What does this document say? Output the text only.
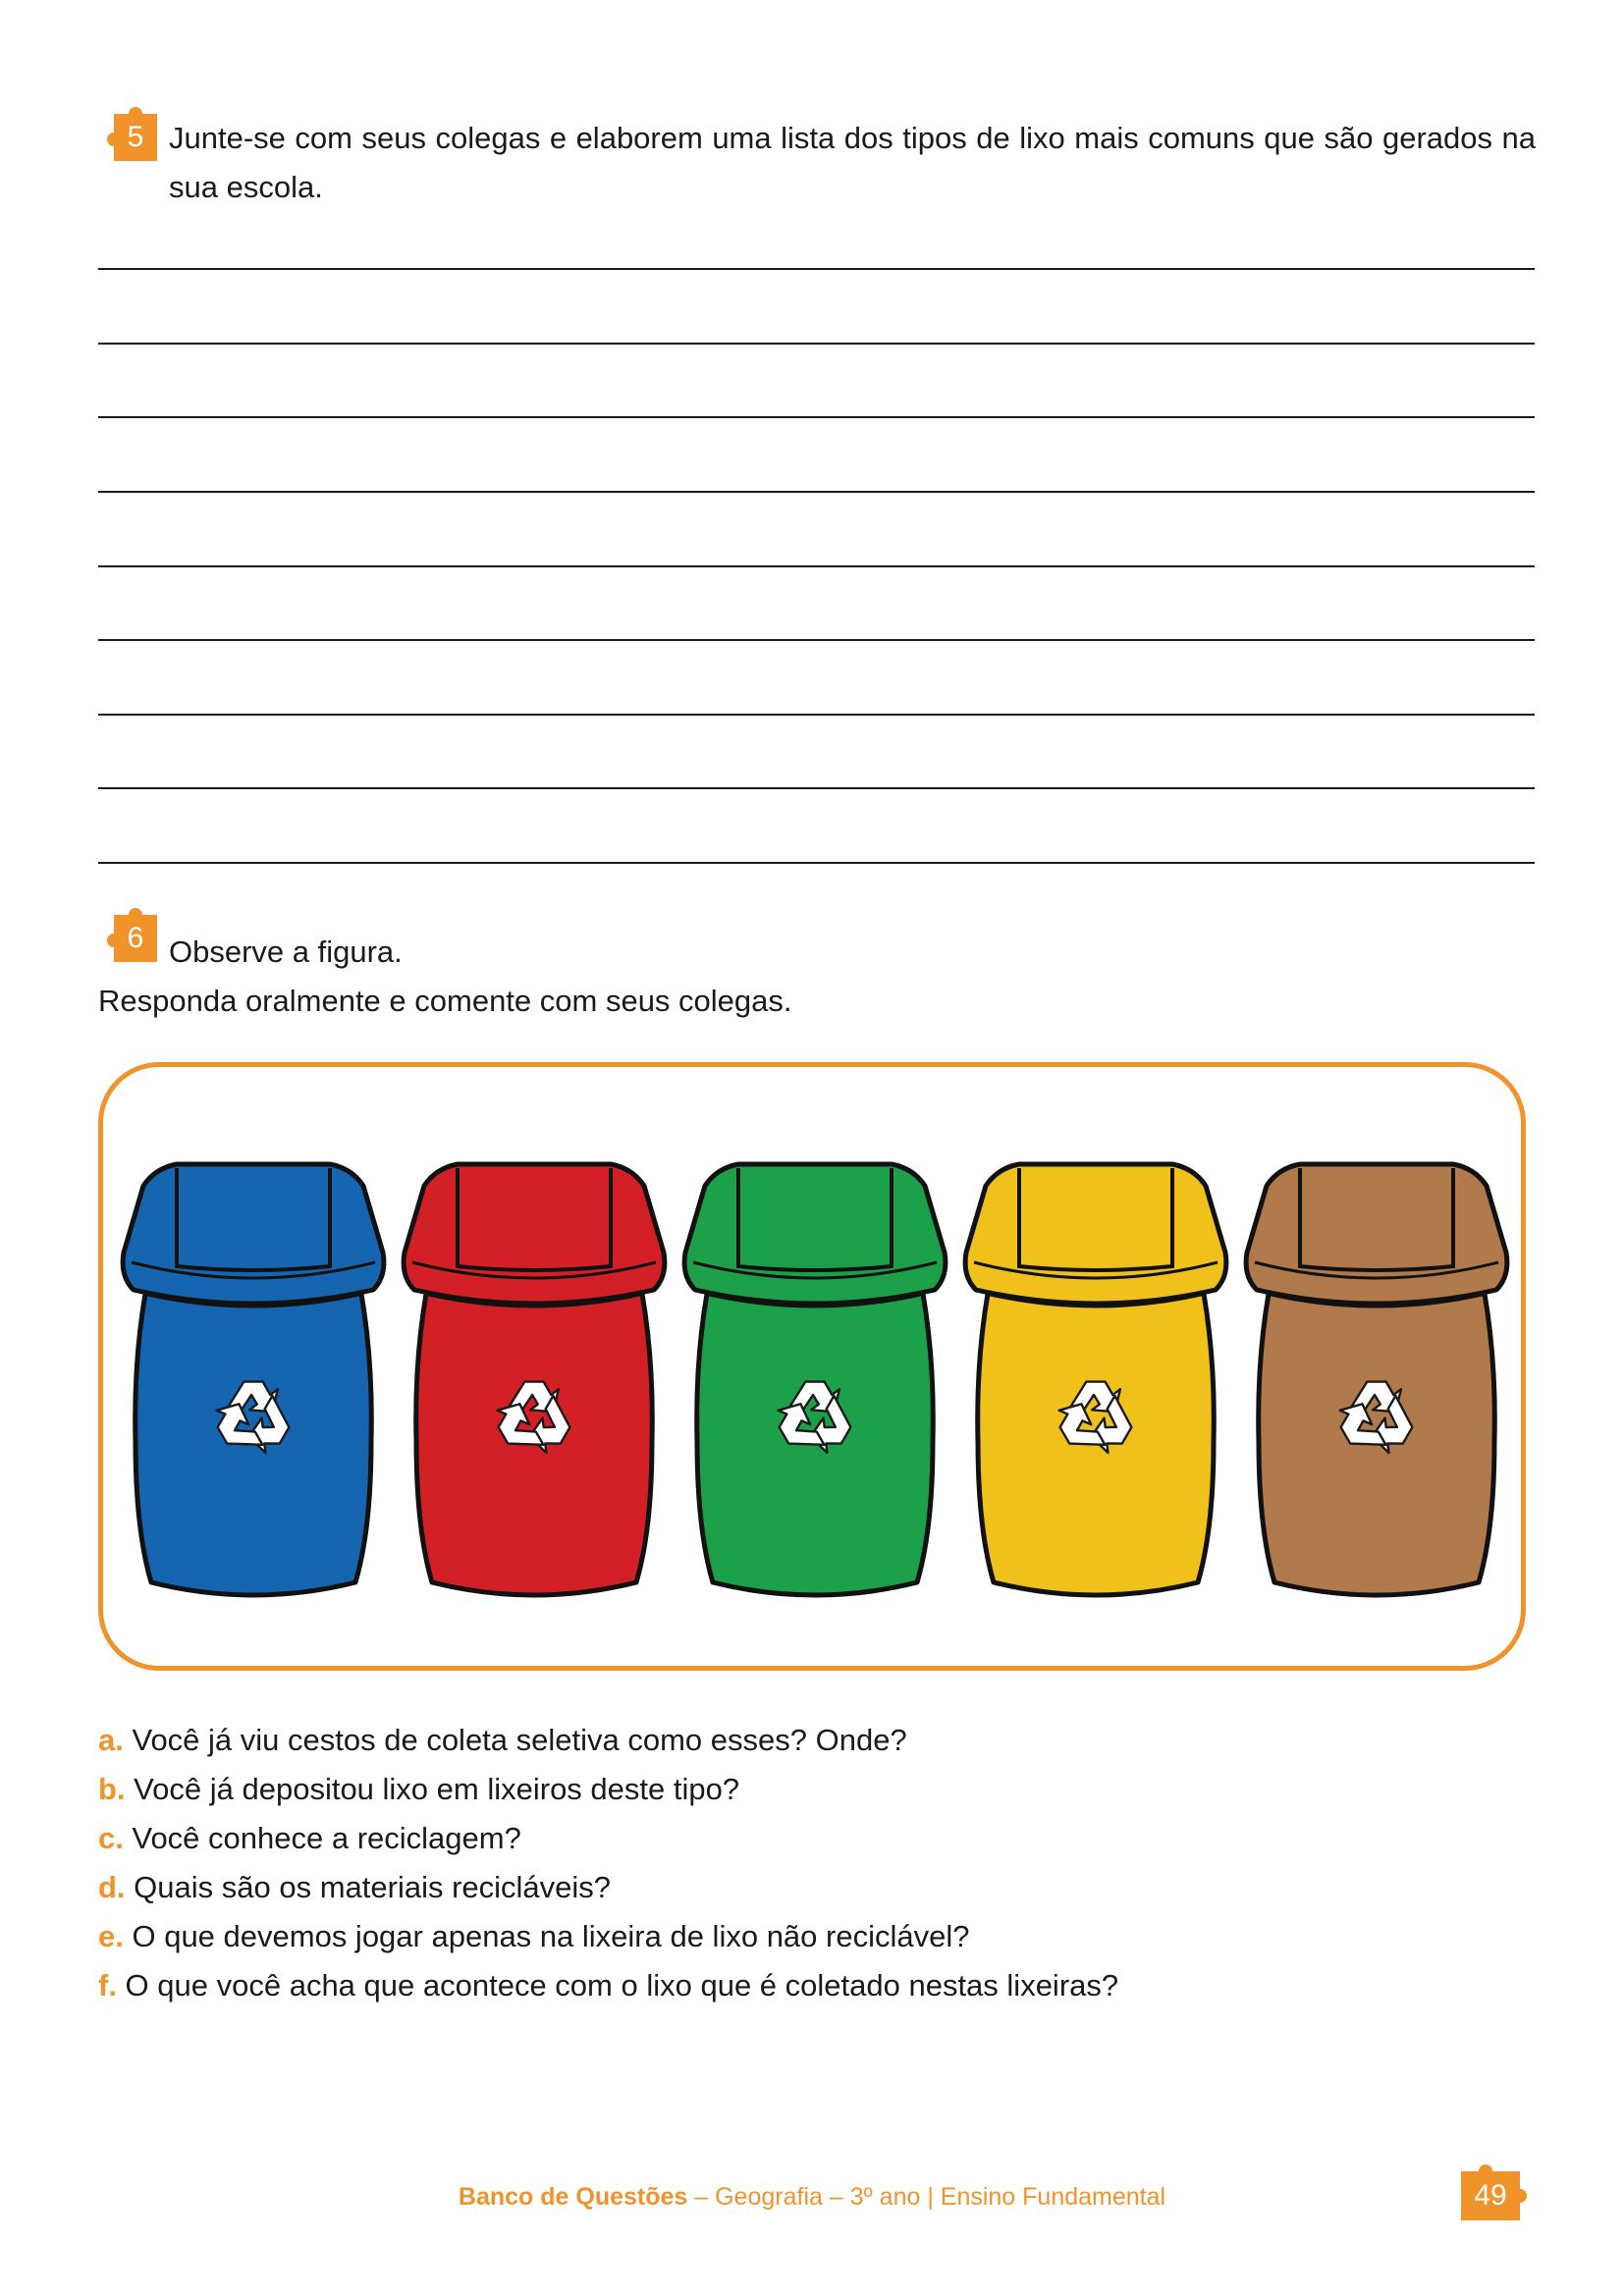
5 Junte-se com seus colegas e elaborem uma lista dos tipos de lixo mais comuns que são gerados na
sua escola.
6 Observe a figura.
Responda oralmente e comente com seus colegas.
a. Você já viu cestos de coleta seletiva como esses? Onde?
b. Você já depositou lixo em lixeiros deste tipo?
c. Você conhece a reciclagem?
d. Quais são os materiais recicláveis?
e. O que devemos jogar apenas na lixeira de lixo não reciclável?
f. O que você acha que acontece com o lixo que é coletado nestas lixeiras?
Banco de Questões – Geografia – 3º ano | Ensino Fundamental	49
